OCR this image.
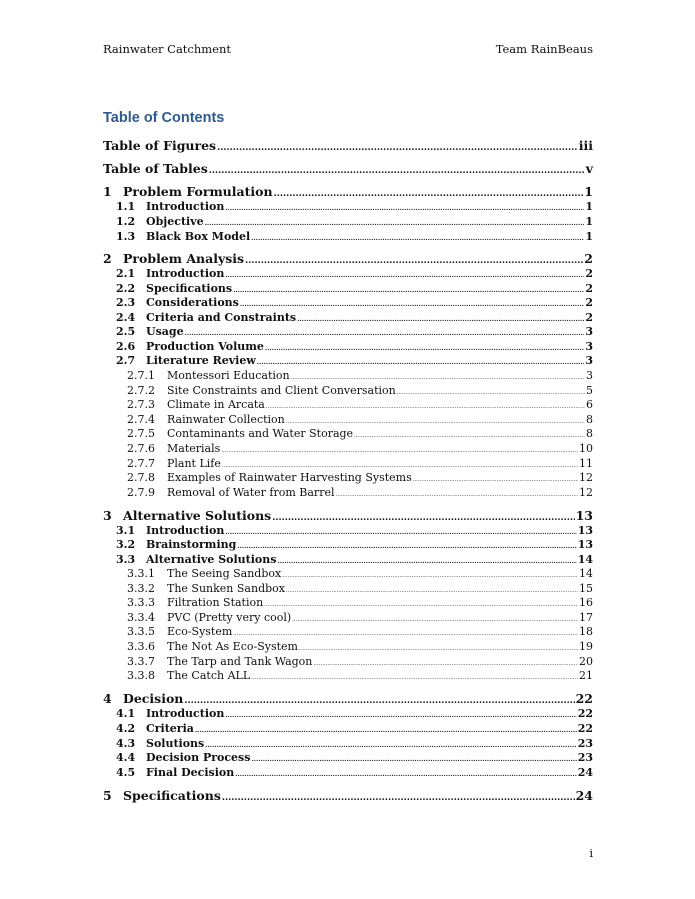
Rainwater Catchment	Team RainBeaus
Table of Contents
Table of Figures .....	iii
Table of Tables .....	v
1 Problem Formulation .....	1
1.1 Introduction .....	1
1.2 Objective .....	1
1.3 Black Box Model .....	1
2 Problem Analysis .....	2
2.1 Introduction .....	2
2.2 Specifications .....	2
2.3 Considerations .....	2
2.4 Criteria and Constraints .....	2
2.5 Usage .....	3
2.6 Production Volume .....	3
2.7 Literature Review .....	3
2.7.1	Montessori Education .....	3
2.7.2	Site Constraints and Client Conversation .....	5
2.7.3	Climate in Arcata .....	6
2.7.4	Rainwater Collection .....	8
2.7.5	Contaminants and Water Storage .....	8
2.7.6	Materials .....	10
2.7.7	Plant Life .....	11
2.7.8	Examples of Rainwater Harvesting Systems .....	12
2.7.9	Removal of Water from Barrel .....	12
3 Alternative Solutions .....	13
3.1 Introduction .....	13
3.2 Brainstorming .....	13
3.3 Alternative Solutions .....	14
3.3.1	The Seeing Sandbox .....	14
3.3.2	The Sunken Sandbox .....	15
3.3.3	Filtration Station .....	16
3.3.4	PVC (Pretty very cool) .....	17
3.3.5	Eco-System .....	18
3.3.6	The Not As Eco-System .....	19
3.3.7	The Tarp and Tank Wagon .....	20
3.3.8	The Catch ALL .....	21
4 Decision .....	22
4.1 Introduction .....	22
4.2 Criteria .....	22
4.3 Solutions .....	23
4.4 Decision Process .....	23
4.5 Final Decision .....	24
5 Specifications .....	24
i
